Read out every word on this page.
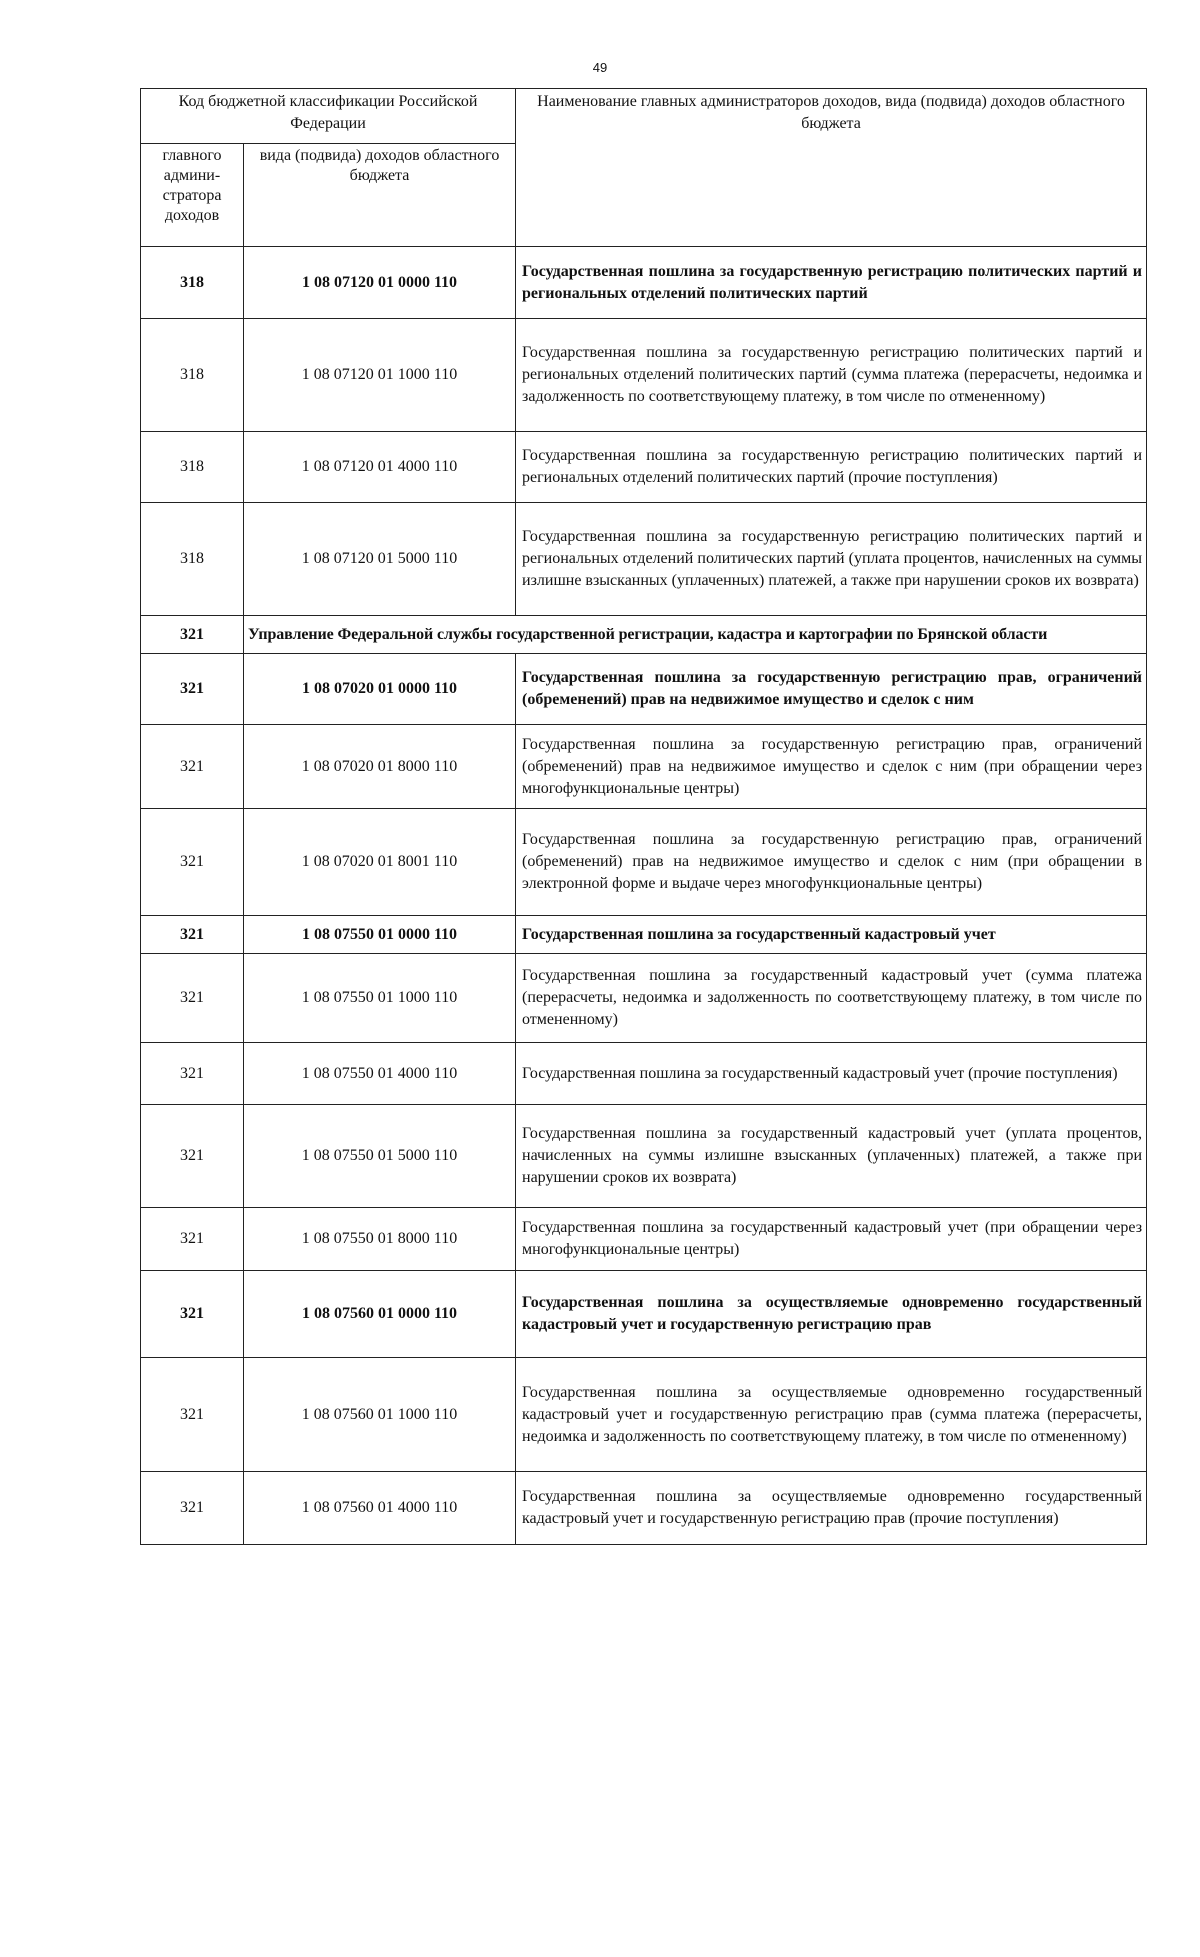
49
Код бюджетной классификации Российской Федерации		Наименование главных администраторов доходов, вида (подвида) доходов областного бюджета
главного админи-стратора доходов	вида (подвида) доходов областного бюджета	
318	1 08 07120 01 0000 110	Государственная пошлина за государственную регистрацию политических партий и региональных отделений политических партий
318	1 08 07120 01 1000 110	Государственная пошлина за государственную регистрацию политических партий и региональных отделений политических партий (сумма платежа (перерасчеты, недоимка и задолженность по соответствующему платежу, в том числе по отмененному)
318	1 08 07120 01 4000 110	Государственная пошлина за государственную регистрацию политических партий и региональных отделений политических партий (прочие поступления)
318	1 08 07120 01 5000 110	Государственная пошлина за государственную регистрацию политических партий и региональных отделений политических партий (уплата процентов, начисленных на суммы излишне взысканных (уплаченных) платежей, а также при нарушении сроков их возврата)
321	Управление Федеральной службы государственной регистрации, кадастра и картографии по Брянской области	
321	1 08 07020 01 0000 110	Государственная пошлина за государственную регистрацию прав, ограничений (обременений) прав на недвижимое имущество и сделок с ним
321	1 08 07020 01 8000 110	Государственная пошлина за государственную регистрацию прав, ограничений (обременений) прав на недвижимое имущество и сделок с ним (при обращении через многофункциональные центры)
321	1 08 07020 01 8001 110	Государственная пошлина за государственную регистрацию прав, ограничений (обременений) прав на недвижимое имущество и сделок с ним (при обращении в электронной форме и выдаче через многофункциональные центры)
321	1 08 07550 01 0000 110	Государственная пошлина за государственный кадастровый учет
321	1 08 07550 01 1000 110	Государственная пошлина за государственный кадастровый учет (сумма платежа (перерасчеты, недоимка и задолженность по соответствующему платежу, в том числе по отмененному)
321	1 08 07550 01 4000 110	Государственная пошлина за государственный кадастровый учет (прочие поступления)
321	1 08 07550 01 5000 110	Государственная пошлина за государственный кадастровый учет (уплата процентов, начисленных на суммы излишне взысканных (уплаченных) платежей, а также при нарушении сроков их возврата)
321	1 08 07550 01 8000 110	Государственная пошлина за государственный кадастровый учет (при обращении через многофункциональные центры)
321	1 08 07560 01 0000 110	Государственная пошлина за осуществляемые одновременно государственный кадастровый учет и государственную регистрацию прав
321	1 08 07560 01 1000 110	Государственная пошлина за осуществляемые одновременно государственный кадастровый учет и государственную регистрацию прав (сумма платежа (перерасчеты, недоимка и задолженность по соответствующему платежу, в том числе по отмененному)
321	1 08 07560 01 4000 110	Государственная пошлина за осуществляемые одновременно государственный кадастровый учет и государственную регистрацию прав (прочие поступления)
